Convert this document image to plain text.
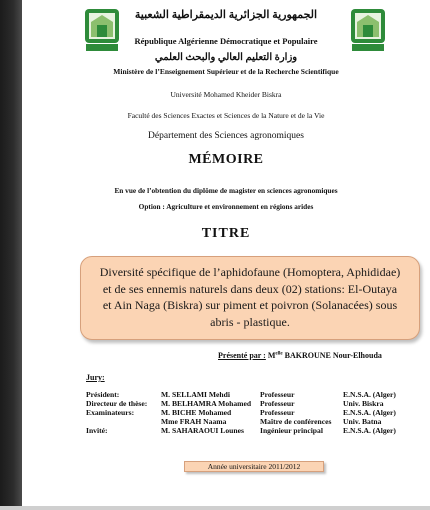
الجمهورية الجزائرية الديمقراطية الشعبية
République Algérienne Démocratique et Populaire
وزارة التعليم العالي والبحث العلمي
Ministère de l’Enseignement Supérieur et de la Recherche Scientifique
Université Mohamed Kheider Biskra
Faculté des Sciences Exactes et Sciences de la Nature et de la Vie
Département des Sciences agronomiques
MÉMOIRE
En vue de l’obtention du diplôme de magister en sciences agronomiques
Option : Agriculture et environnement en régions arides
TITRE
Diversité spécifique de l’aphidofaune (Homoptera, Aphididae)
et de ses ennemis naturels dans deux (02) stations: El-Outaya
et Ain Naga (Biskra) sur piment et poivron (Solanacées) sous
abris - plastique.
Présenté par : $M^{elle}$ BAKROUNE Nour-Elhouda
Jury:
Président:	M. SELLAMI Mehdi	Professeur	E.N.S.A. (Alger)
Directeur de thèse:	M. BELHAMRA Mohamed	Professeur	Univ. Biskra
Examinateurs:	M. BICHE Mohamed	Professeur	E.N.S.A. (Alger)
	Mme FRAH Naama	Maître de conférences	Univ. Batna
Invité:	M. SAHARAOUI Lounes	Ingénieur principal	E.N.S.A. (Alger)
Année universitaire 2011/2012
